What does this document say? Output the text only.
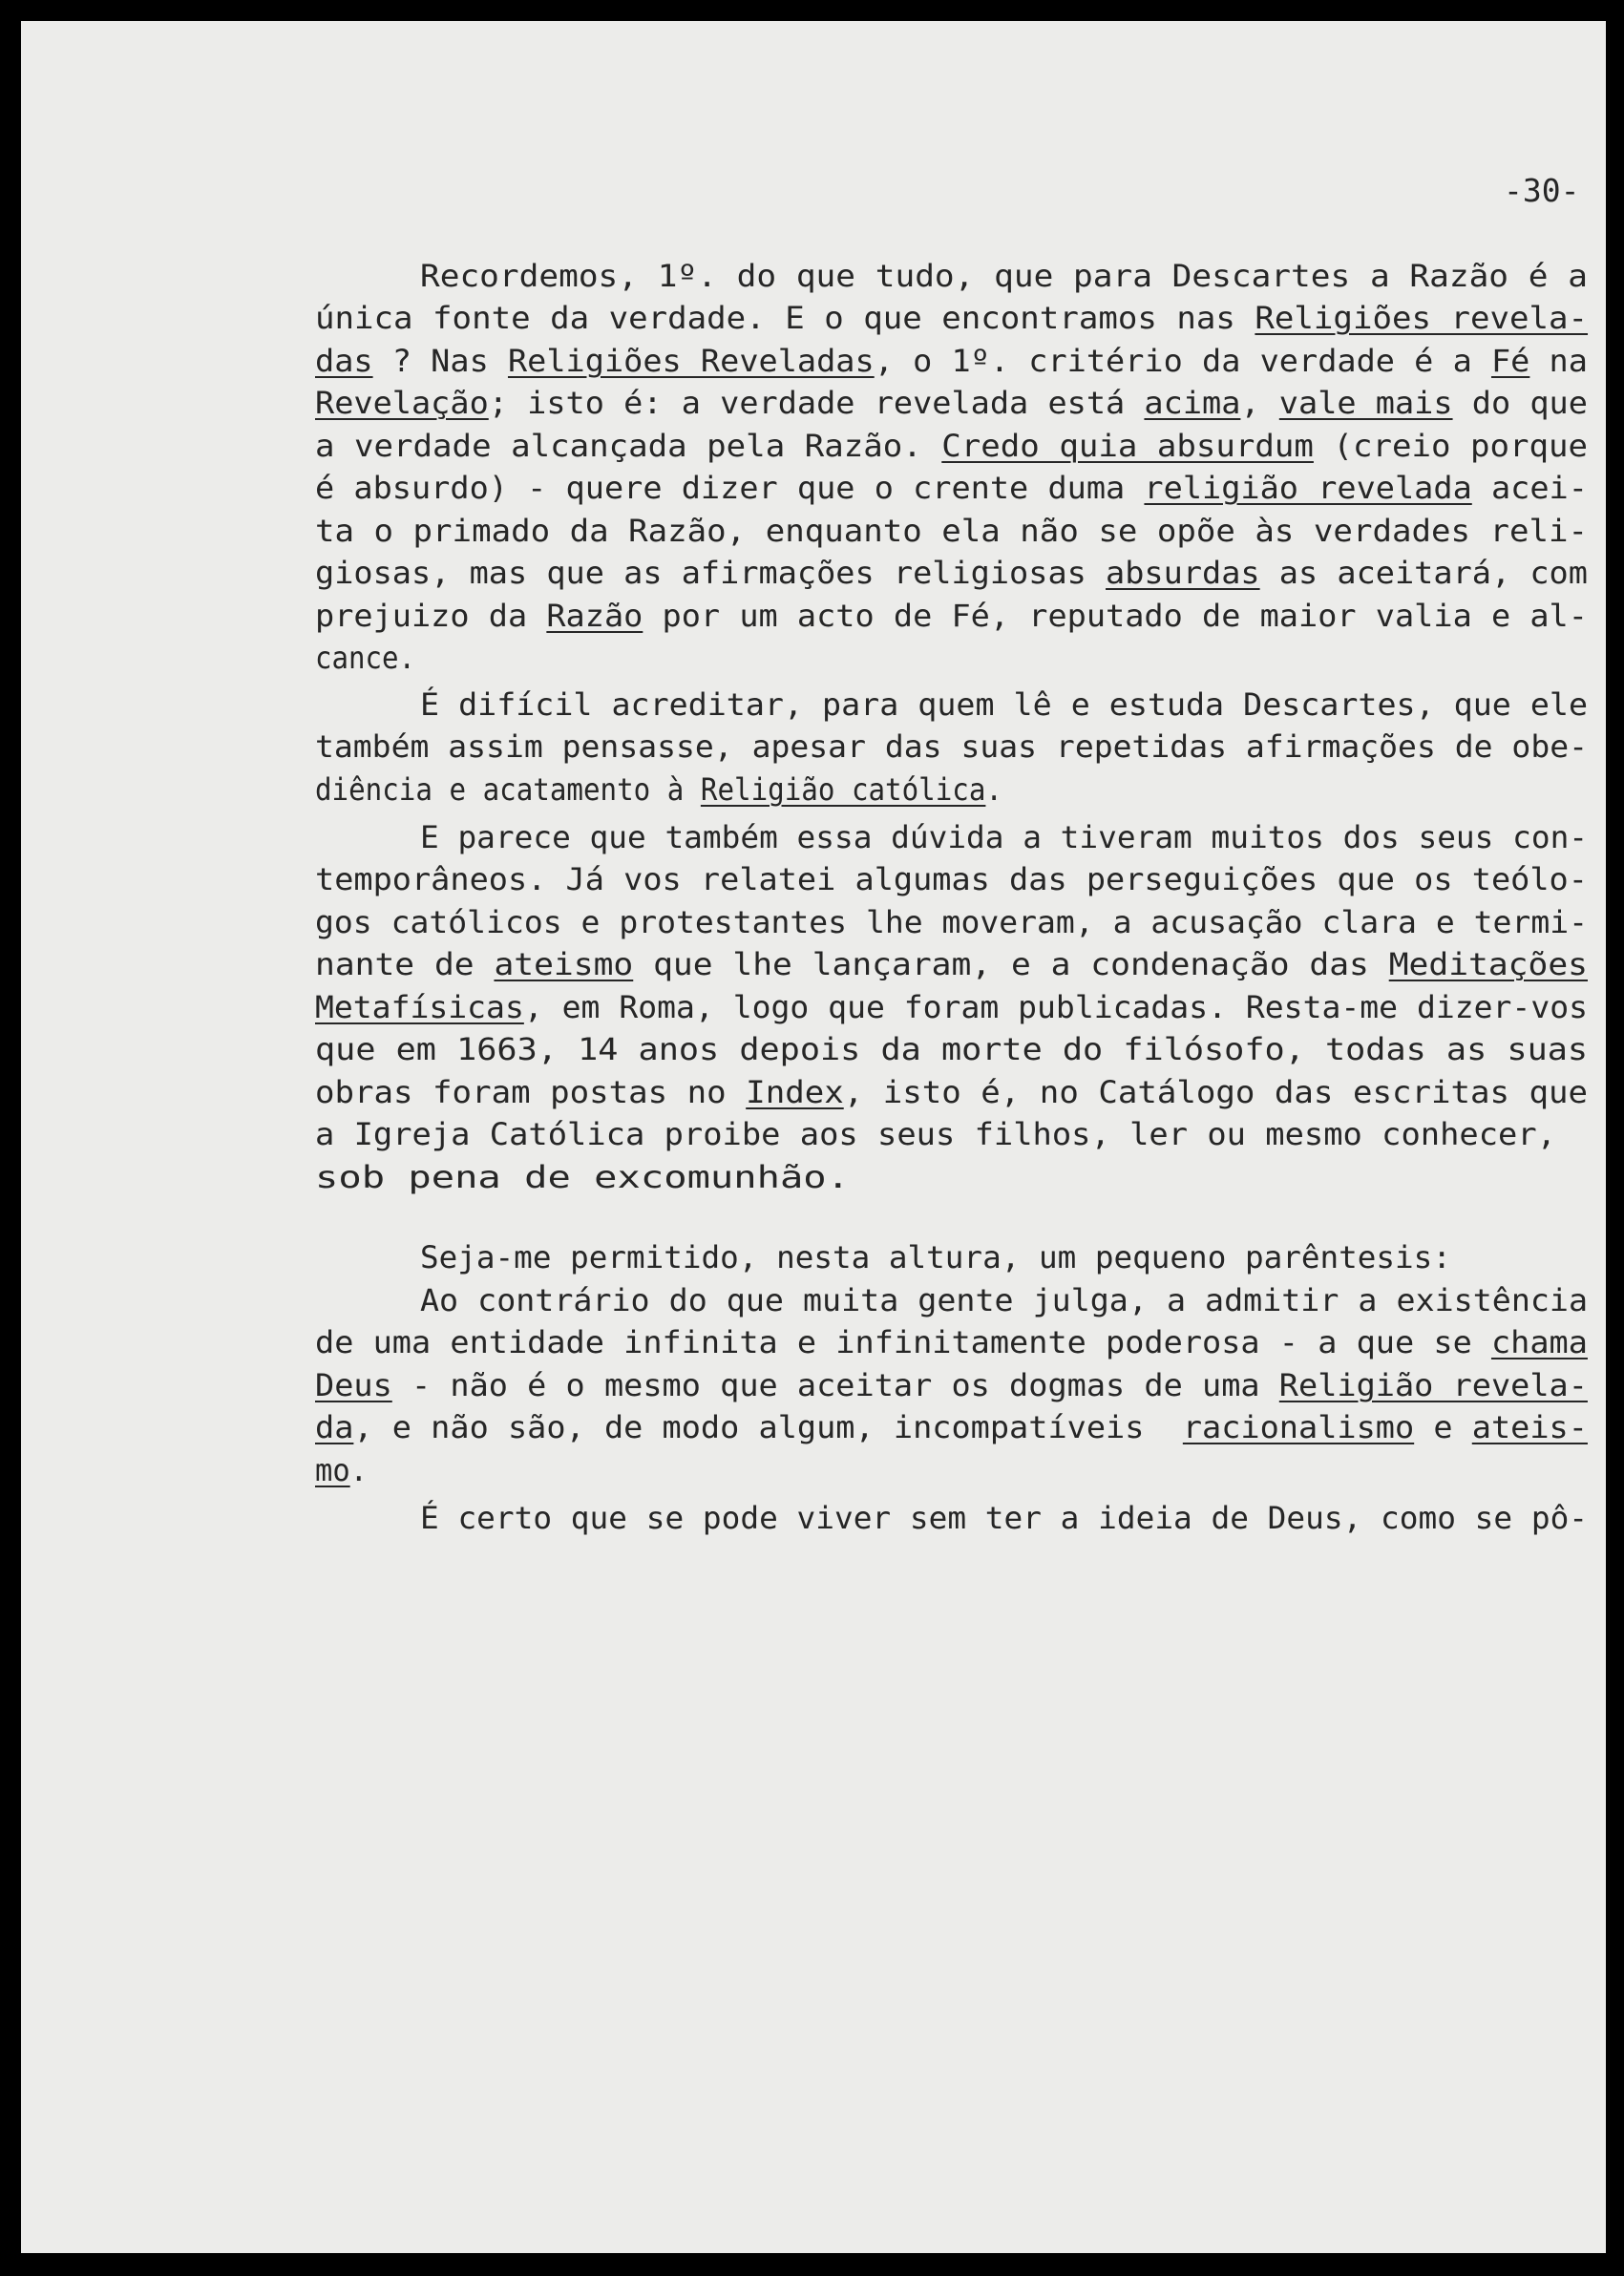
-30-
Recordemos, 1º. do que tudo, que para Descartes a Razão é a
única fonte da verdade. E o que encontramos nas Religiões revela-
das ? Nas Religiões Reveladas, o 1º. critério da verdade é a Fé na
Revelação; isto é: a verdade revelada está acima, vale mais do que
a verdade alcançada pela Razão. Credo quia absurdum (creio porque
é absurdo) - quere dizer que o crente duma religião revelada acei-
ta o primado da Razão, enquanto ela não se opõe às verdades reli-
giosas, mas que as afirmações religiosas absurdas as aceitará, com
prejuizo da Razão por um acto de Fé, reputado de maior valia e al-
cance.
É difícil acreditar, para quem lê e estuda Descartes, que ele
também assim pensasse, apesar das suas repetidas afirmações de obe-
diência e acatamento à Religião católica.
E parece que também essa dúvida a tiveram muitos dos seus con-
temporâneos. Já vos relatei algumas das perseguições que os teólo-
gos católicos e protestantes lhe moveram, a acusação clara e termi-
nante de ateismo que lhe lançaram, e a condenação das Meditações
Metafísicas, em Roma, logo que foram publicadas. Resta-me dizer-vos
que em 1663, 14 anos depois da morte do filósofo, todas as suas
obras foram postas no Index, isto é, no Catálogo das escritas que
a Igreja Católica proibe aos seus filhos, ler ou mesmo conhecer,
sob pena de excomunhão.
Seja-me permitido, nesta altura, um pequeno parêntesis:
Ao contrário do que muita gente julga, a admitir a existência
de uma entidade infinita e infinitamente poderosa - a que se chama
Deus - não é o mesmo que aceitar os dogmas de uma Religião revela-
da, e não são, de modo algum, incompatíveis  racionalismo e ateis-
mo.
É certo que se pode viver sem ter a ideia de Deus, como se pô-
